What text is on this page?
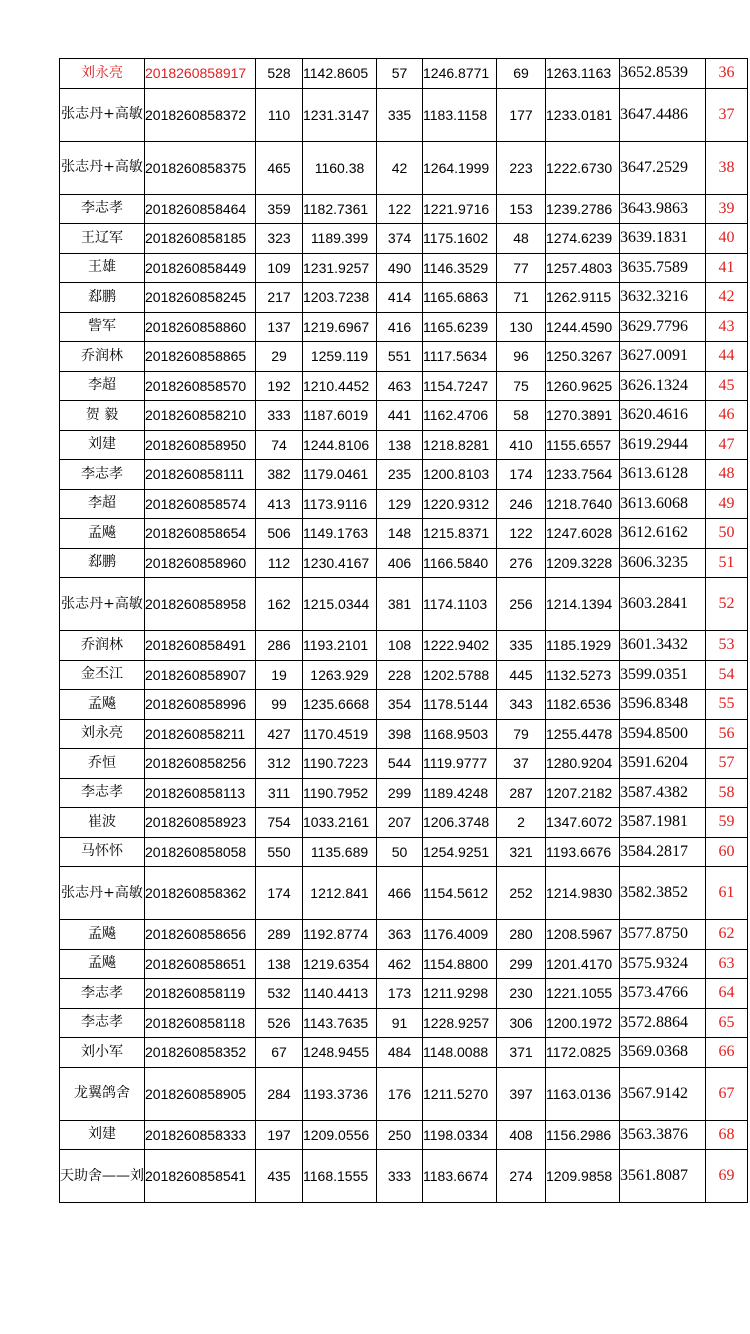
刘永亮	2018260858917	528	1142.8605	57	1246.8771	69	1263.1163	3652.8539	36
张志丹+高敏	2018260858372	110	1231.3147	335	1183.1158	177	1233.0181	3647.4486	37
张志丹+高敏	2018260858375	465	1160.38	42	1264.1999	223	1222.6730	3647.2529	38
李志孝	2018260858464	359	1182.7361	122	1221.9716	153	1239.2786	3643.9863	39
王辽军	2018260858185	323	1189.399	374	1175.1602	48	1274.6239	3639.1831	40
王雄	2018260858449	109	1231.9257	490	1146.3529	77	1257.4803	3635.7589	41
郄鹏	2018260858245	217	1203.7238	414	1165.6863	71	1262.9115	3632.3216	42
訾军	2018260858860	137	1219.6967	416	1165.6239	130	1244.4590	3629.7796	43
乔润林	2018260858865	29	1259.119	551	1117.5634	96	1250.3267	3627.0091	44
李超	2018260858570	192	1210.4452	463	1154.7247	75	1260.9625	3626.1324	45
贺 毅	2018260858210	333	1187.6019	441	1162.4706	58	1270.3891	3620.4616	46
刘建	2018260858950	74	1244.8106	138	1218.8281	410	1155.6557	3619.2944	47
李志孝	2018260858111	382	1179.0461	235	1200.8103	174	1233.7564	3613.6128	48
李超	2018260858574	413	1173.9116	129	1220.9312	246	1218.7640	3613.6068	49
孟飚	2018260858654	506	1149.1763	148	1215.8371	122	1247.6028	3612.6162	50
郄鹏	2018260858960	112	1230.4167	406	1166.5840	276	1209.3228	3606.3235	51
张志丹+高敏	2018260858958	162	1215.0344	381	1174.1103	256	1214.1394	3603.2841	52
乔润林	2018260858491	286	1193.2101	108	1222.9402	335	1185.1929	3601.3432	53
金丕江	2018260858907	19	1263.929	228	1202.5788	445	1132.5273	3599.0351	54
孟飚	2018260858996	99	1235.6668	354	1178.5144	343	1182.6536	3596.8348	55
刘永亮	2018260858211	427	1170.4519	398	1168.9503	79	1255.4478	3594.8500	56
乔恒	2018260858256	312	1190.7223	544	1119.9777	37	1280.9204	3591.6204	57
李志孝	2018260858113	311	1190.7952	299	1189.4248	287	1207.2182	3587.4382	58
崔波	2018260858923	754	1033.2161	207	1206.3748	2	1347.6072	3587.1981	59
马怀怀	2018260858058	550	1135.689	50	1254.9251	321	1193.6676	3584.2817	60
张志丹+高敏	2018260858362	174	1212.841	466	1154.5612	252	1214.9830	3582.3852	61
孟飚	2018260858656	289	1192.8774	363	1176.4009	280	1208.5967	3577.8750	62
孟飚	2018260858651	138	1219.6354	462	1154.8800	299	1201.4170	3575.9324	63
李志孝	2018260858119	532	1140.4413	173	1211.9298	230	1221.1055	3573.4766	64
李志孝	2018260858118	526	1143.7635	91	1228.9257	306	1200.1972	3572.8864	65
刘小军	2018260858352	67	1248.9455	484	1148.0088	371	1172.0825	3569.0368	66
龙翼鸽舍	2018260858905	284	1193.3736	176	1211.5270	397	1163.0136	3567.9142	67
刘建	2018260858333	197	1209.0556	250	1198.0334	408	1156.2986	3563.3876	68
天助舍——刘	2018260858541	435	1168.1555	333	1183.6674	274	1209.9858	3561.8087	69
